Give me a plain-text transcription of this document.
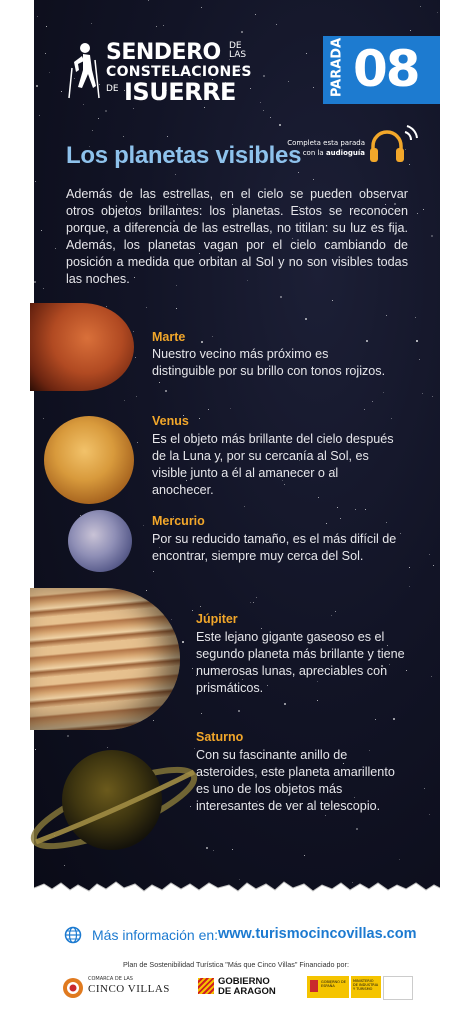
SENDERO DE LAS
CONSTELACIONES
DE ISUERRE	PARADA 08
Los planetas visibles
Completa esta parada
con la audioguía
Además de las estrellas, en el cielo se pueden observar otros objetos brillantes: los planetas. Estos se reconocen porque, a diferencia de las estrellas, no titilan: su luz es fija. Además, los planetas vagan por el cielo cambiando de posición a medida que orbitan al Sol y no son visibles todas las noches.
Marte
Nuestro vecino más próximo es distinguible por su brillo con tonos rojizos.
Venus
Es el objeto más brillante del cielo después de la Luna y, por su cercanía al Sol, es visible junto a él al amanecer o al anochecer.
Mercurio
Por su reducido tamaño, es el más difícil de encontrar, siempre muy cerca del Sol.
Júpiter
Este lejano gigante gaseoso es el segundo planeta más brillante y tiene numerosas lunas, apreciables con prismáticos.
Saturno
Con su fascinante anillo de asteroides, este planeta amarillento es uno de los objetos más interesantes de ver al telescopio.
Más información en: www.turismocincovillas.com
Plan de Sostenibilidad Turística "Más que Cinco Villas" Financiado por:
COMARCA DE LAS
CINCO VILLAS
GOBIERNO
DE ARAGON
GOBIERNO DE ESPAÑA
MINISTERIO DE INDUSTRIA Y TURISMO
